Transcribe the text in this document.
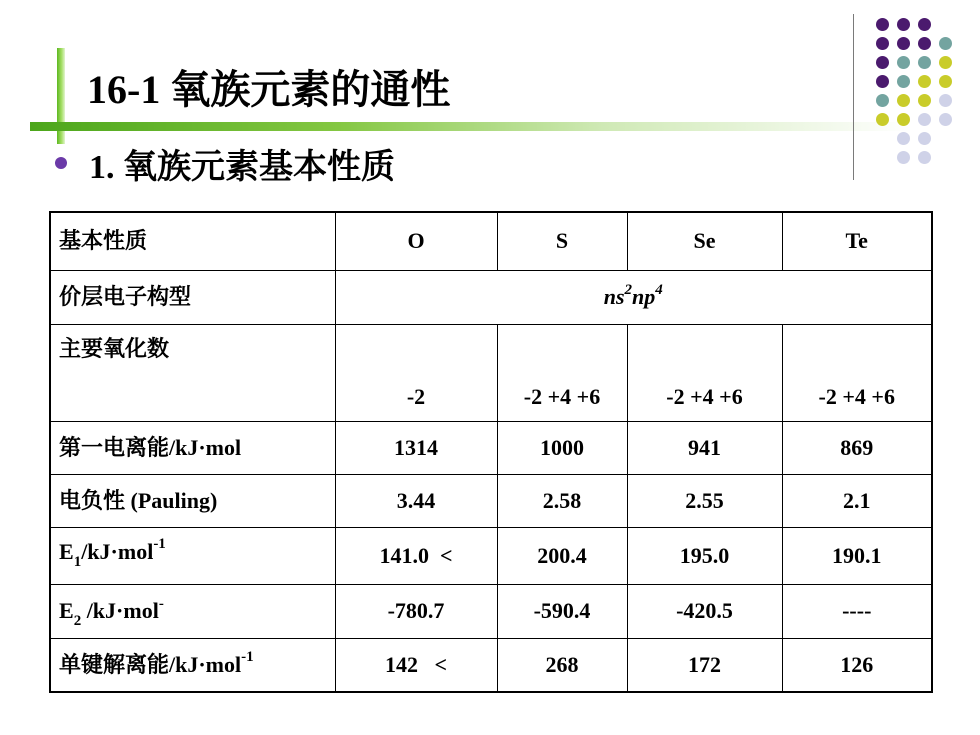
16-1 氧族元素的通性
1. 氧族元素基本性质
基本性质	O	S	Se	Te
价层电子构型	$ns^2np^4$
主要氧化数	-2	-2 +4 +6	-2 +4 +6	-2 +4 +6
第一电离能/kJ·mol	1314	1000	941	869
电负性 (Pauling)	3.44	2.58	2.55	2.1
$E_1/kJ\cdot mol^{-1}$	141.0  <	200.4	195.0	190.1
$E_2$ /kJ·mol-	-780.7	-590.4	-420.5	----
单键解离能/kJ·mol$^{-1}$	142   <	268	172	126
